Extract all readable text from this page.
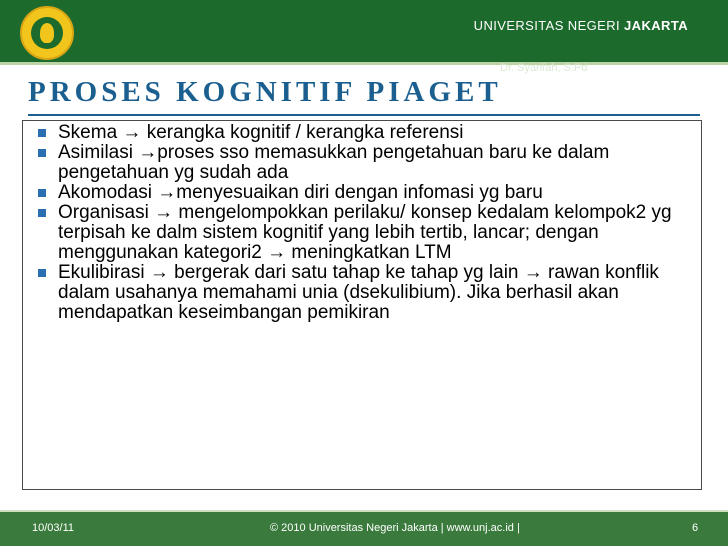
UNIVERSITAS NEGERI JAKARTA
Dr. Syarifah, S.Pd
PROSES KOGNITIF PIAGET
Skema → kerangka kognitif / kerangka referensi
Asimilasi →proses sso memasukkan pengetahuan baru ke dalam pengetahuan yg sudah ada
Akomodasi →menyesuaikan diri dengan infomasi yg baru
Organisasi → mengelompokkan perilaku/ konsep kedalam kelompok2 yg terpisah ke dalm sistem kognitif yang lebih tertib, lancar; dengan menggunakan kategori2 → meningkatkan LTM
Ekulibirasi → bergerak dari satu tahap ke tahap yg lain → rawan konflik dalam usahanya memahami unia (dsekulibium). Jika berhasil akan mendapatkan keseimbangan pemikiran
10/03/11	© 2010 Universitas Negeri Jakarta | www.unj.ac.id |	6
